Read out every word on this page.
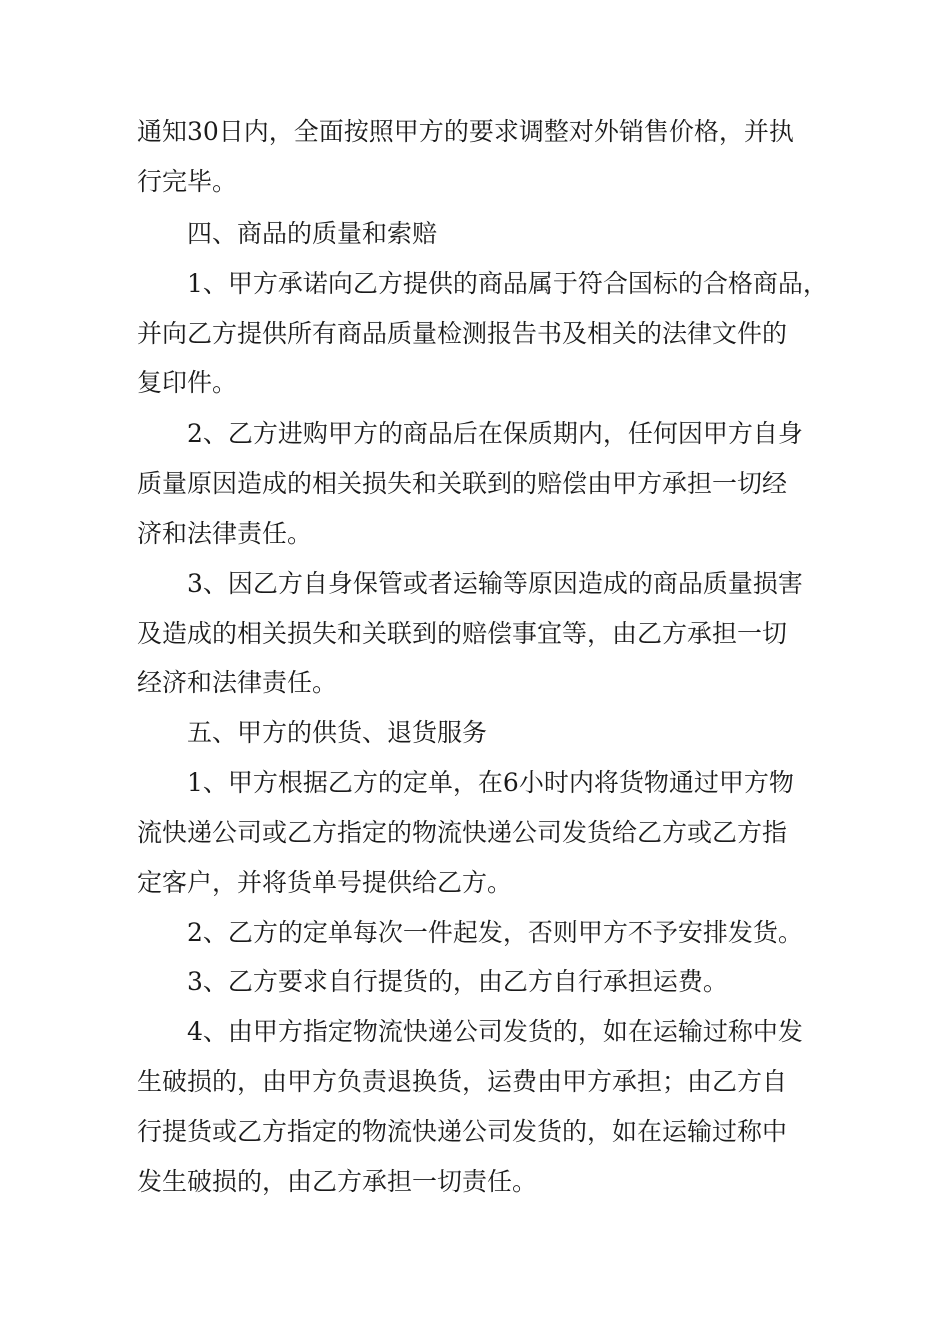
通知30日内，全面按照甲方的要求调整对外销售价格，并执
行完毕。
四、商品的质量和索赔
1、甲方承诺向乙方提供的商品属于符合国标的合格商品，
并向乙方提供所有商品质量检测报告书及相关的法律文件的
复印件。
2、乙方进购甲方的商品后在保质期内，任何因甲方自身
质量原因造成的相关损失和关联到的赔偿由甲方承担一切经
济和法律责任。
3、因乙方自身保管或者运输等原因造成的商品质量损害
及造成的相关损失和关联到的赔偿事宜等，由乙方承担一切
经济和法律责任。
五、甲方的供货、退货服务
1、甲方根据乙方的定单，在6小时内将货物通过甲方物
流快递公司或乙方指定的物流快递公司发货给乙方或乙方指
定客户，并将货单号提供给乙方。
2、乙方的定单每次一件起发，否则甲方不予安排发货。
3、乙方要求自行提货的，由乙方自行承担运费。
4、由甲方指定物流快递公司发货的，如在运输过称中发
生破损的，由甲方负责退换货，运费由甲方承担；由乙方自
行提货或乙方指定的物流快递公司发货的，如在运输过称中
发生破损的，由乙方承担一切责任。
